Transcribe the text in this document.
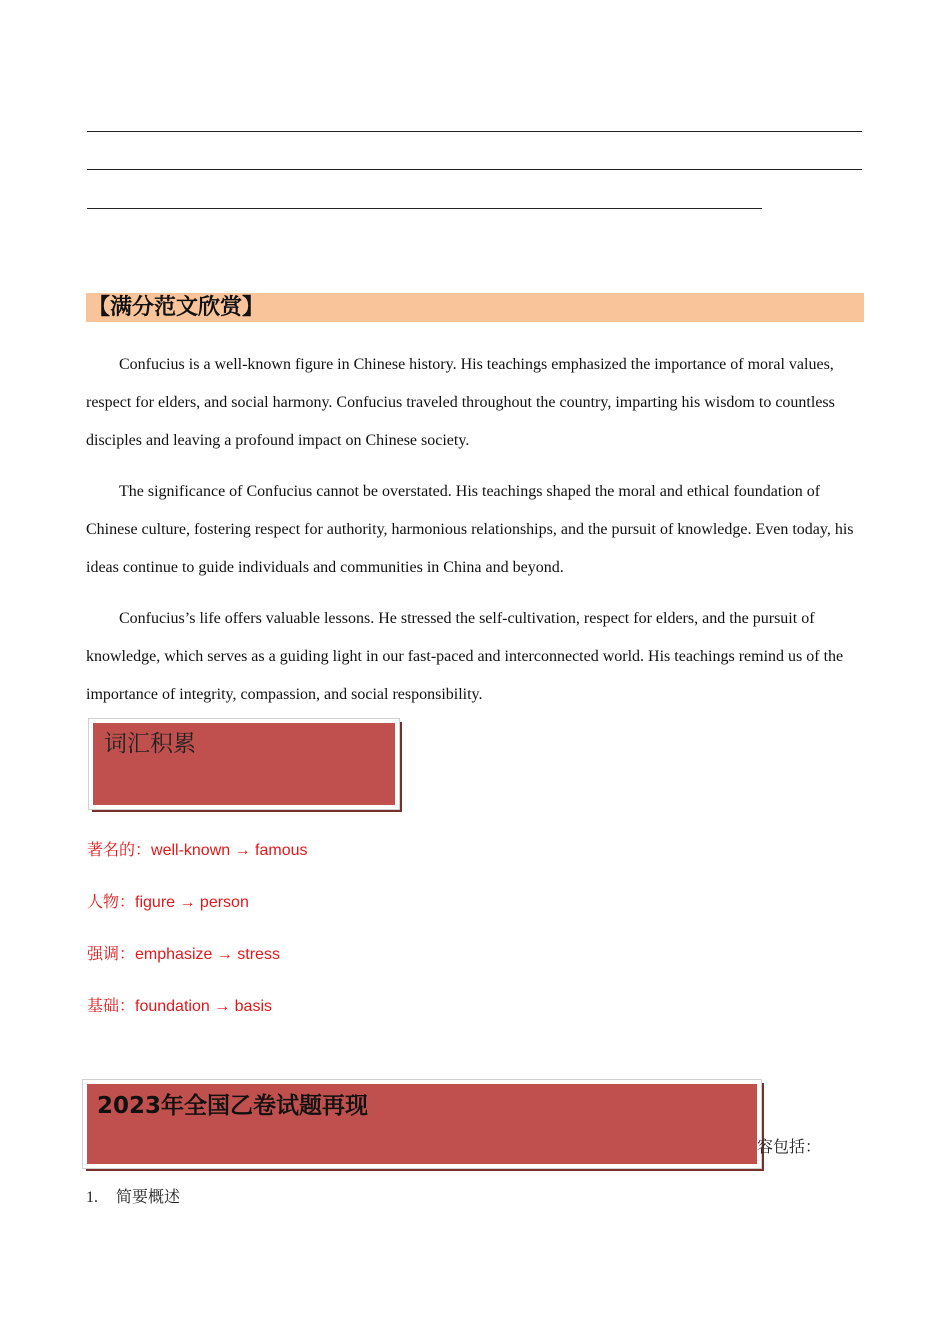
【满分范文欣赏】

Confucius is a well-known figure in Chinese history. His teachings emphasized the importance of moral values, respect for elders, and social harmony. Confucius traveled throughout the country, imparting his wisdom to countless disciples and leaving a profound impact on Chinese society.

The significance of Confucius cannot be overstated. His teachings shaped the moral and ethical foundation of Chinese culture, fostering respect for authority, harmonious relationships, and the pursuit of knowledge. Even today, his ideas continue to guide individuals and communities in China and beyond.

Confucius’s life offers valuable lessons. He stressed the self-cultivation, respect for elders, and the pursuit of knowledge, which serves as a guiding light in our fast-paced and interconnected world. His teachings remind us of the importance of integrity, compassion, and social responsibility.

词汇积累
著名的：well-known → famous
人物：figure → person
强调：emphasize → stress
基础：foundation → basis
2023年全国乙卷试题再现
容包括：
1. 简要概述
